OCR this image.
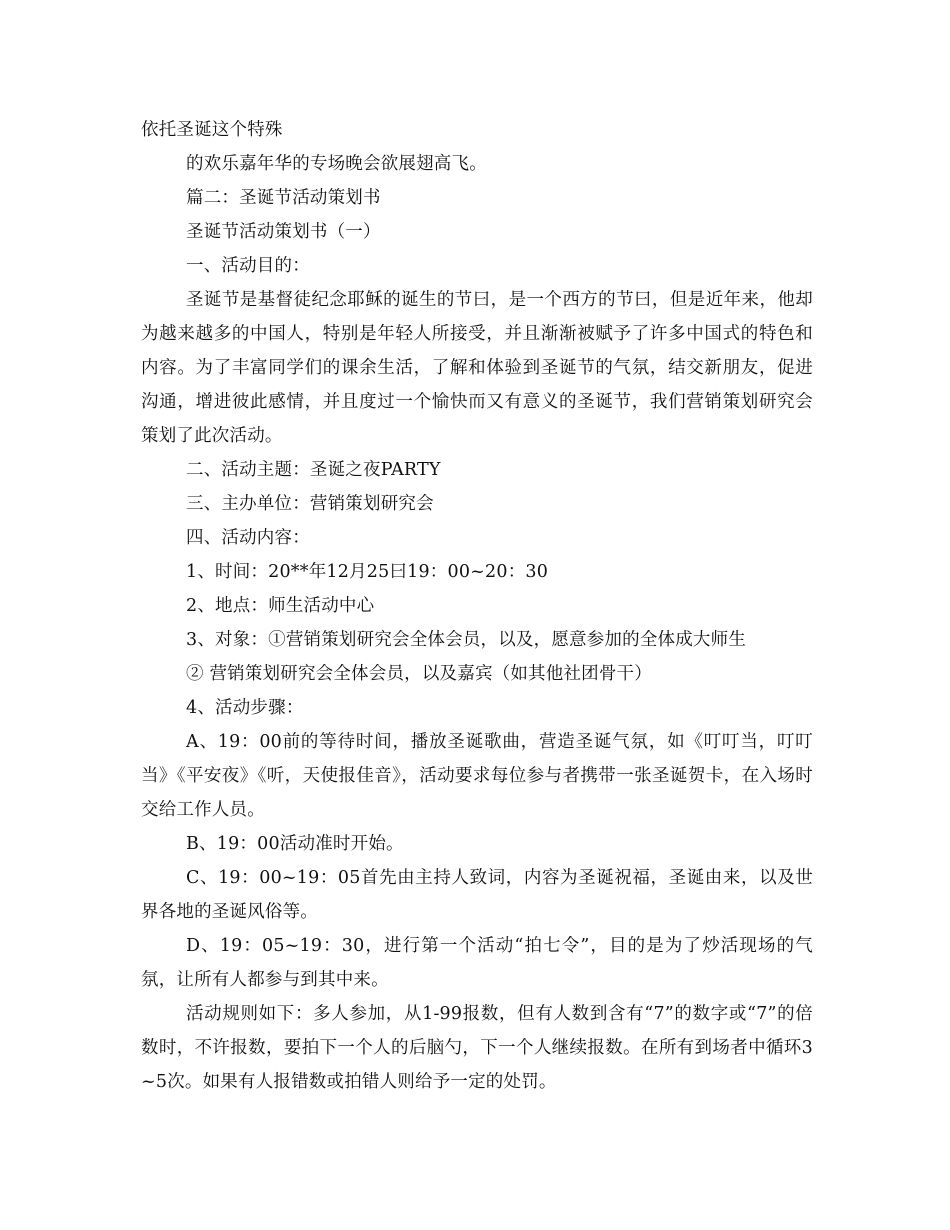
依托圣诞这个特殊

的欢乐嘉年华的专场晚会欲展翅高飞。

篇二：圣诞节活动策划书

圣诞节活动策划书（一）

一、活动目的：

圣诞节是基督徒纪念耶稣的诞生的节曰，是一个西方的节曰，但是近年来，他却为越来越多的中国人，特别是年轻人所接受，并且渐渐被赋予了许多中国式的特色和内容。为了丰富同学们的课余生活，了解和体验到圣诞节的气氛，结交新朋友，促进沟通，增进彼此感情，并且度过一个愉快而又有意义的圣诞节，我们营销策划研究会策划了此次活动。

二、活动主题：圣诞之夜PARTY

三、主办单位：营销策划研究会

四、活动内容：

1、时间：20**年12月25曰19：00~20：30

2、地点：师生活动中心

3、对象：①营销策划研究会全体会员，以及，愿意参加的全体成大师生

② 营销策划研究会全体会员，以及嘉宾（如其他社团骨干）

4、活动步骤：

A、19：00前的等待时间，播放圣诞歌曲，营造圣诞气氛，如《叮叮当，叮叮当》《平安夜》《听，天使报佳音》，活动要求每位参与者携带一张圣诞贺卡，在入场时交给工作人员。

B、19：00活动准时开始。

C、19：00~19：05首先由主持人致词，内容为圣诞祝福，圣诞由来，以及世界各地的圣诞风俗等。

D、19：05~19：30，进行第一个活动“拍七令”，目的是为了炒活现场的气氛，让所有人都参与到其中来。

活动规则如下：多人参加，从1-99报数，但有人数到含有“7”的数字或“7”的倍数时，不许报数，要拍下一个人的后脑勺，下一个人继续报数。在所有到场者中循环3~5次。如果有人报错数或拍错人则给予一定的处罚。
